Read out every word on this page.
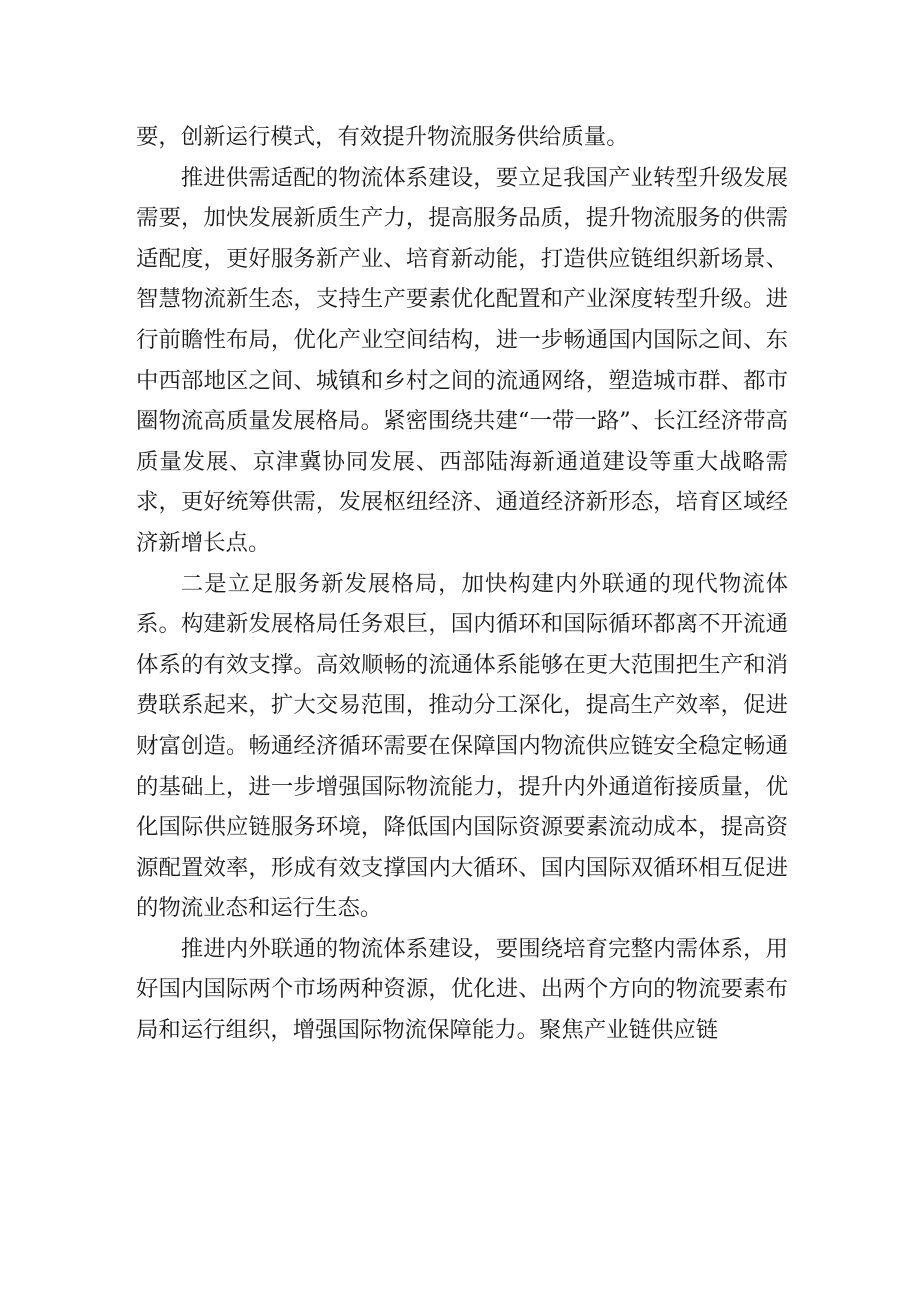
要，创新运行模式，有效提升物流服务供给质量。

推进供需适配的物流体系建设，要立足我国产业转型升级发展需要，加快发展新质生产力，提高服务品质，提升物流服务的供需适配度，更好服务新产业、培育新动能，打造供应链组织新场景、智慧物流新生态，支持生产要素优化配置和产业深度转型升级。进行前瞻性布局，优化产业空间结构，进一步畅通国内国际之间、东中西部地区之间、城镇和乡村之间的流通网络，塑造城市群、都市圈物流高质量发展格局。紧密围绕共建“一带一路”、长江经济带高质量发展、京津冀协同发展、西部陆海新通道建设等重大战略需求，更好统筹供需，发展枢纽经济、通道经济新形态，培育区域经济新增长点。

二是立足服务新发展格局，加快构建内外联通的现代物流体系。构建新发展格局任务艰巨，国内循环和国际循环都离不开流通体系的有效支撑。高效顺畅的流通体系能够在更大范围把生产和消费联系起来，扩大交易范围，推动分工深化，提高生产效率，促进财富创造。畅通经济循环需要在保障国内物流供应链安全稳定畅通的基础上，进一步增强国际物流能力，提升内外通道衔接质量，优化国际供应链服务环境，降低国内国际资源要素流动成本，提高资源配置效率，形成有效支撑国内大循环、国内国际双循环相互促进的物流业态和运行生态。

推进内外联通的物流体系建设，要围绕培育完整内需体系，用好国内国际两个市场两种资源，优化进、出两个方向的物流要素布局和运行组织，增强国际物流保障能力。聚焦产业链供应链
